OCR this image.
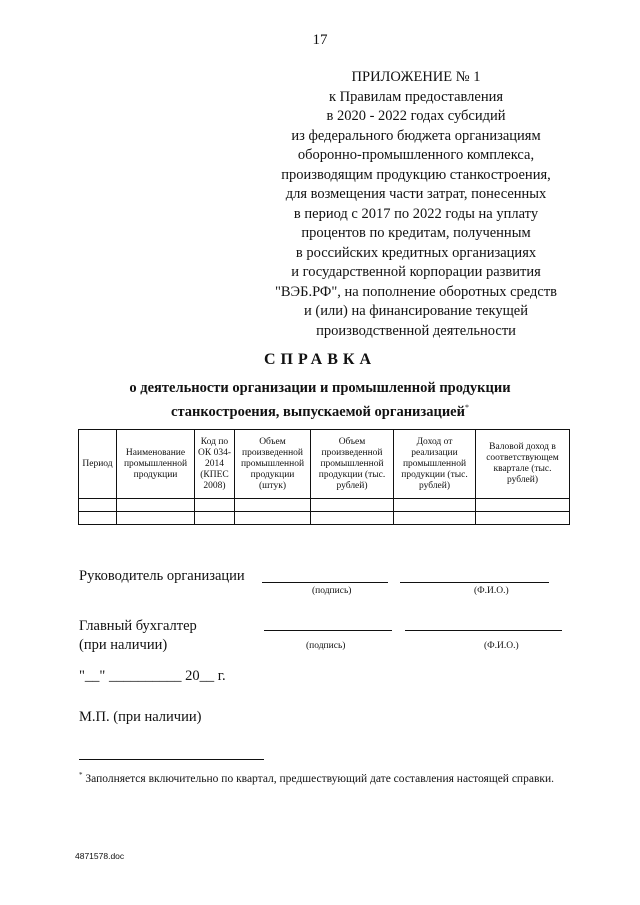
17
ПРИЛОЖЕНИЕ № 1
к Правилам предоставления
в 2020 - 2022 годах субсидий
из федерального бюджета организациям
оборонно-промышленного комплекса,
производящим продукцию станкостроения,
для возмещения части затрат, понесенных
в период с 2017 по 2022 годы на уплату
процентов по кредитам, полученным
в российских кредитных организациях
и государственной корпорации развития
"ВЭБ.РФ", на пополнение оборотных средств
и (или) на финансирование текущей
производственной деятельности
СПРАВКА
о деятельности организации и промышленной продукции
станкостроения, выпускаемой организацией*
Период	Наименование промышленной продукции	Код по ОК 034-2014 (КПЕС 2008)	Объем произведенной промышленной продукции (штук)	Объем произведенной промышленной продукции (тыс. рублей)	Доход от реализации промышленной продукции (тыс. рублей)	Валовой доход в соответствующем квартале (тыс. рублей)

Руководитель организации
(подпись)	(Ф.И.О.)
Главный бухгалтер
(при наличии)	(подпись)	(Ф.И.О.)
"__" __________ 20__ г.
М.П. (при наличии)
* Заполняется включительно по квартал, предшествующий дате составления настоящей справки.
4871578.doc
